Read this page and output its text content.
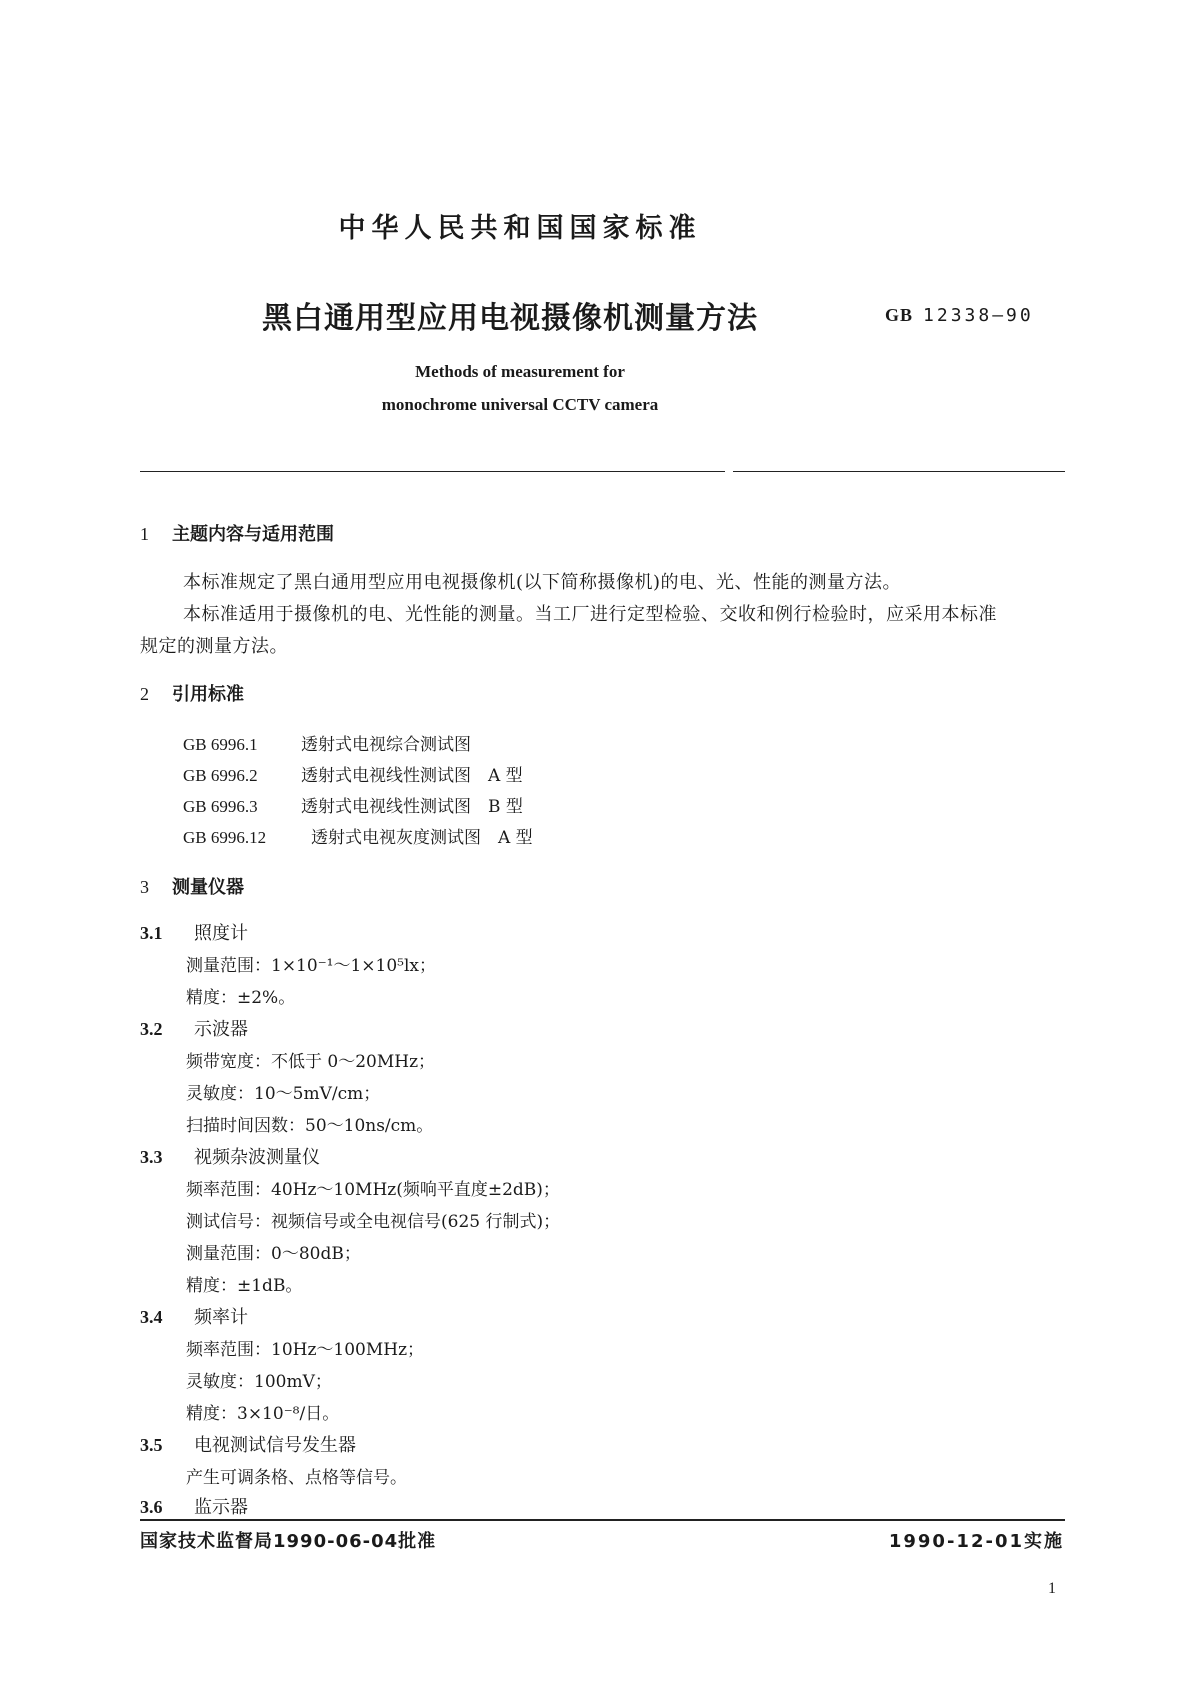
中华人民共和国国家标准
黑白通用型应用电视摄像机测量方法	GB 12338—90
Methods of measurement for
monochrome universal CCTV camera
1 主题内容与适用范围
本标准规定了黑白通用型应用电视摄像机(以下简称摄像机)的电、光、性能的测量方法。
本标准适用于摄像机的电、光性能的测量。当工厂进行定型检验、交收和例行检验时，应采用本标准
规定的测量方法。
2 引用标准
GB 6996.1	透射式电视综合测试图
GB 6996.2	透射式电视线性测试图　A 型
GB 6996.3	透射式电视线性测试图　B 型
GB 6996.12	透射式电视灰度测试图　A 型
3 测量仪器
3.1 照度计
测量范围：1×10⁻¹～1×10⁵lx；
精度：±2%。
3.2 示波器
频带宽度：不低于 0～20MHz；
灵敏度：10～5mV/cm；
扫描时间因数：50～10ns/cm。
3.3 视频杂波测量仪
频率范围：40Hz～10MHz(频响平直度±2dB)；
测试信号：视频信号或全电视信号(625 行制式)；
测量范围：0～80dB；
精度：±1dB。
3.4 频率计
频率范围：10Hz～100MHz；
灵敏度：100mV；
精度：3×10⁻⁸/日。
3.5 电视测试信号发生器
产生可调条格、点格等信号。
3.6 监示器
国家技术监督局1990-06-04批准	1990-12-01实施
1
